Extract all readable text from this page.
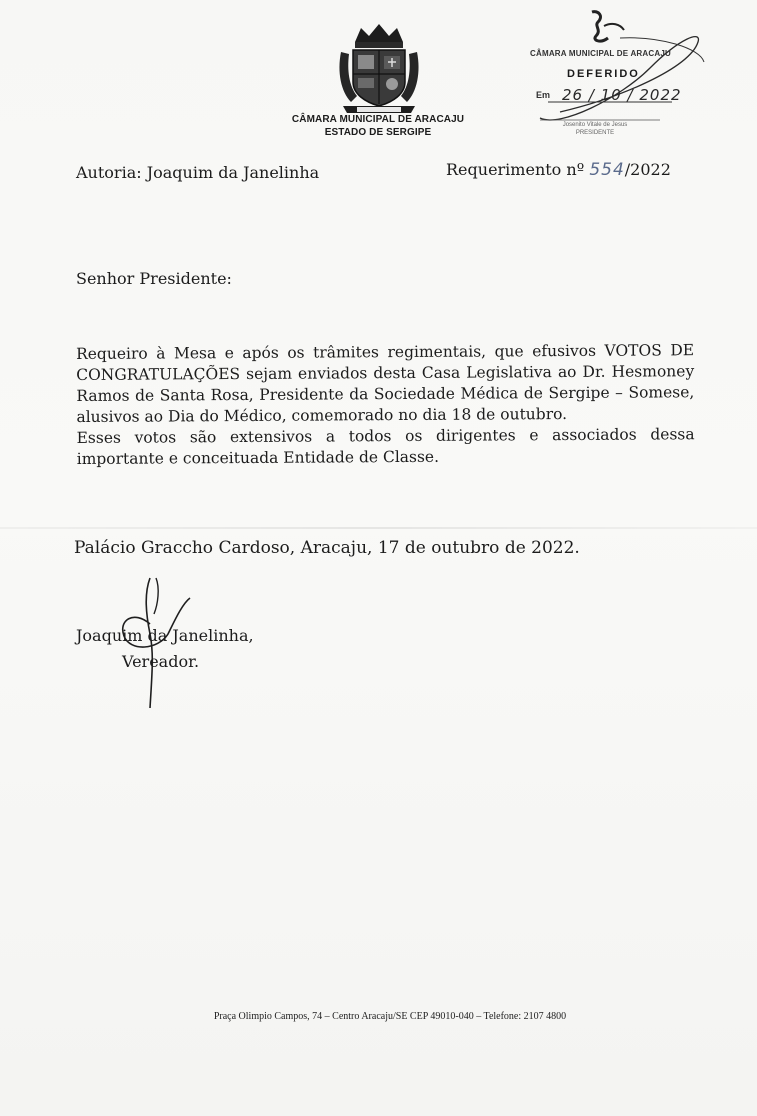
CÂMARA MUNICIPAL DE ARACAJU
ESTADO DE SERGIPE
CÂMARA MUNICIPAL DE ARACAJU
DEFERIDO
Em 26 / 10 / 2022
Josenito Vitale de Jesus
PRESIDENTE
Autoria: Joaquim da Janelinha	Requerimento nº 554/2022
Senhor Presidente:

Requeiro à Mesa e após os trâmites regimentais, que efusivos VOTOS DE CONGRATULAÇÕES sejam enviados desta Casa Legislativa ao Dr. Hesmoney Ramos de Santa Rosa, Presidente da Sociedade Médica de Sergipe – Somese, alusivos ao Dia do Médico, comemorado no dia 18 de outubro.

Esses votos são extensivos a todos os dirigentes e associados dessa importante e conceituada Entidade de Classe.

Palácio Graccho Cardoso, Aracaju, 17 de outubro de 2022.
Joaquim da Janelinha,
Vereador.
Praça Olimpio Campos, 74 – Centro Aracaju/SE CEP 49010-040 – Telefone: 2107 4800
